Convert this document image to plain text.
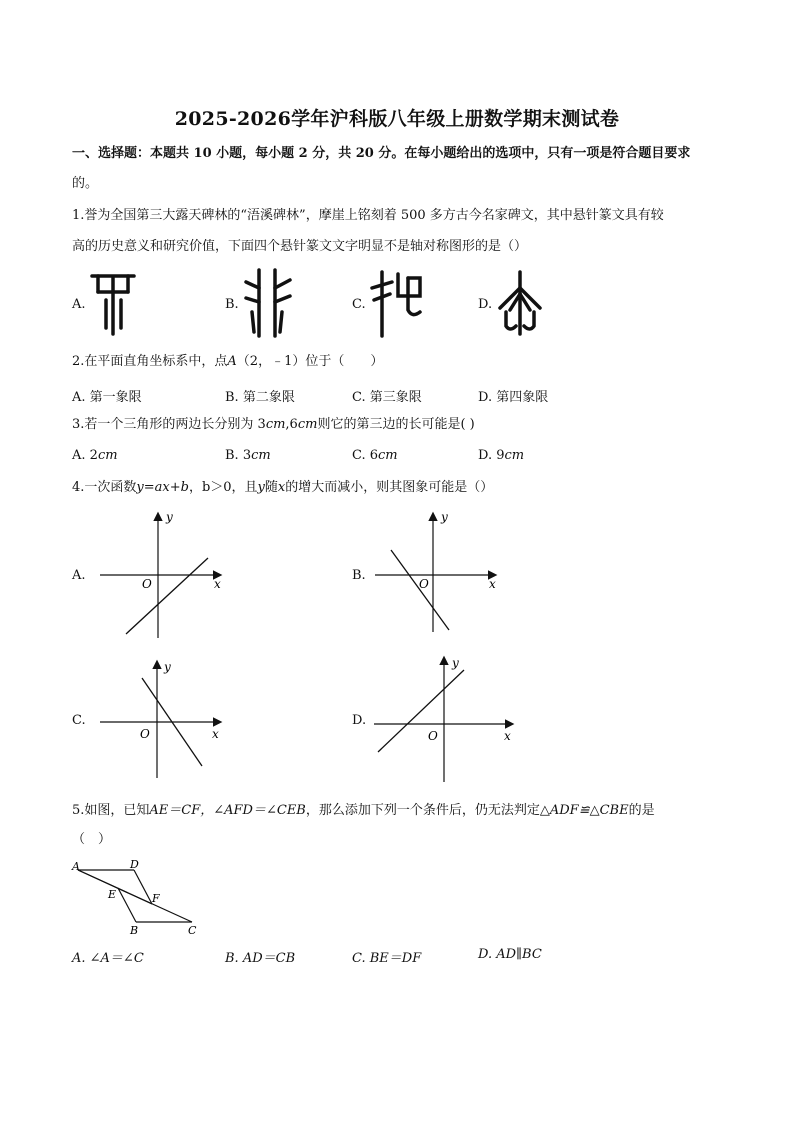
2025-2026学年沪科版八年级上册数学期末测试卷
一、选择题：本题共 10 小题，每小题 2 分，共 20 分。在每小题给出的选项中，只有一项是符合题目要求
的。
1.誉为全国第三大露天碑林的“浯溪碑林”，摩崖上铭刻着 500 多方古今名家碑文，其中悬针篆文具有较
高的历史意义和研究价值，下面四个悬针篆文文字明显不是轴对称图形的是（）
A.	B.	C.	D.
2.在平面直角坐标系中，点A（2，﹣1）位于（　　）
A. 第一象限	B. 第二象限	C. 第三象限	D. 第四象限
3.若一个三角形的两边长分别为 3cm,6cm则它的第三边的长可能是( )
A. 2cm	B. 3cm	C. 6cm	D. 9cm
4.一次函数y=ax+b，b＞0，且y随x的增大而减小，则其图象可能是（）
A.
y
x
O
B.
y
x
O
C.
y
x
O
D.
y
x
O
5.如图，已知AE＝CF，∠AFD＝∠CEB，那么添加下列一个条件后，仍无法判定△ADF≌△CBE的是
（　）
A	D
E	F
B	C
A. ∠A＝∠C	B. AD＝CB	C. BE＝DF	D. AD∥BC
